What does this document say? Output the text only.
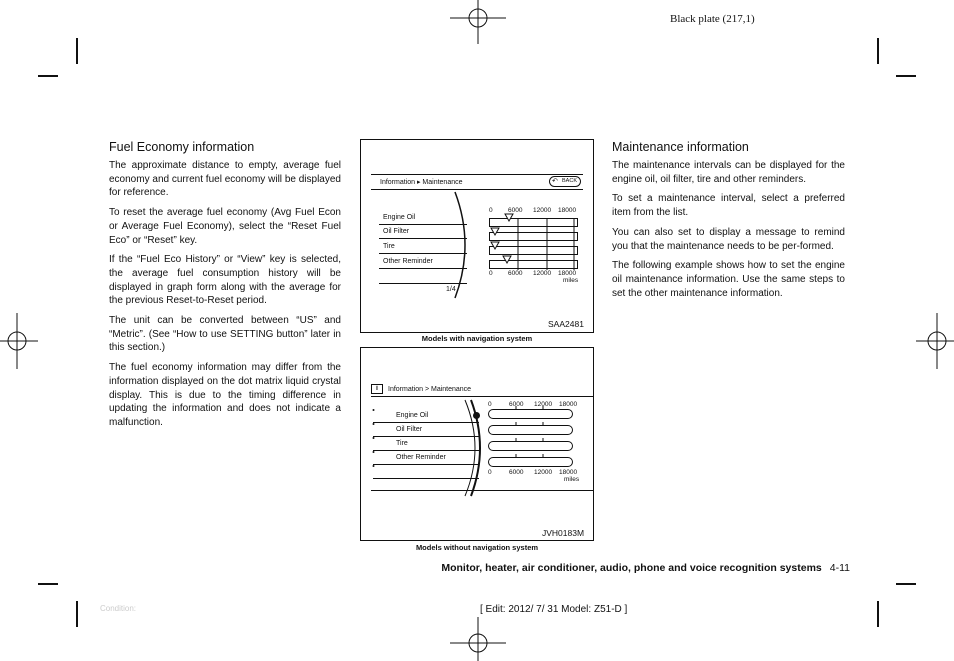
Black plate (217,1)
Fuel Economy information

The approximate distance to empty, average fuel economy and current fuel economy will be displayed for reference.

To reset the average fuel economy (Avg Fuel Econ or Average Fuel Economy), select the “Reset Fuel Eco” or “Reset” key.

If the “Fuel Eco History” or “View” key is selected, the average fuel consumption history will be displayed in graph form along with the average for the previous Reset-to-Reset period.

The unit can be converted between “US” and “Metric”. (See “How to use SETTING button” later in this section.)

The fuel economy information may differ from the information displayed on the dot matrix liquid crystal display. This is due to the timing difference in updating the information and does not indicate a malfunction.

Maintenance information

The maintenance intervals can be displayed for the engine oil, oil filter, tire and other reminders.

To set a maintenance interval, select a preferred item from the list.

You can also set to display a message to remind you that the maintenance needs to be per-formed.

The following example shows how to set the engine oil maintenance information. Use the same steps to set the other maintenance information.

Information ▸ Maintenance	↶ BACK
Engine Oil
Oil Filter
Tire
Other Reminder
1/4
0 6000 12000 18000
0 6000 12000 18000
miles
SAA2481
Models with navigation system
i	Information > Maintenance
Engine Oil
Oil Filter
Tire
Other Reminder
0	6000 12000 18000
0	6000 12000 18000
miles
JVH0183M
Models without navigation system
Monitor, heater, air conditioner, audio, phone and voice recognition systems 4-11
Condition:	[ Edit: 2012/ 7/ 31 Model: Z51-D ]
